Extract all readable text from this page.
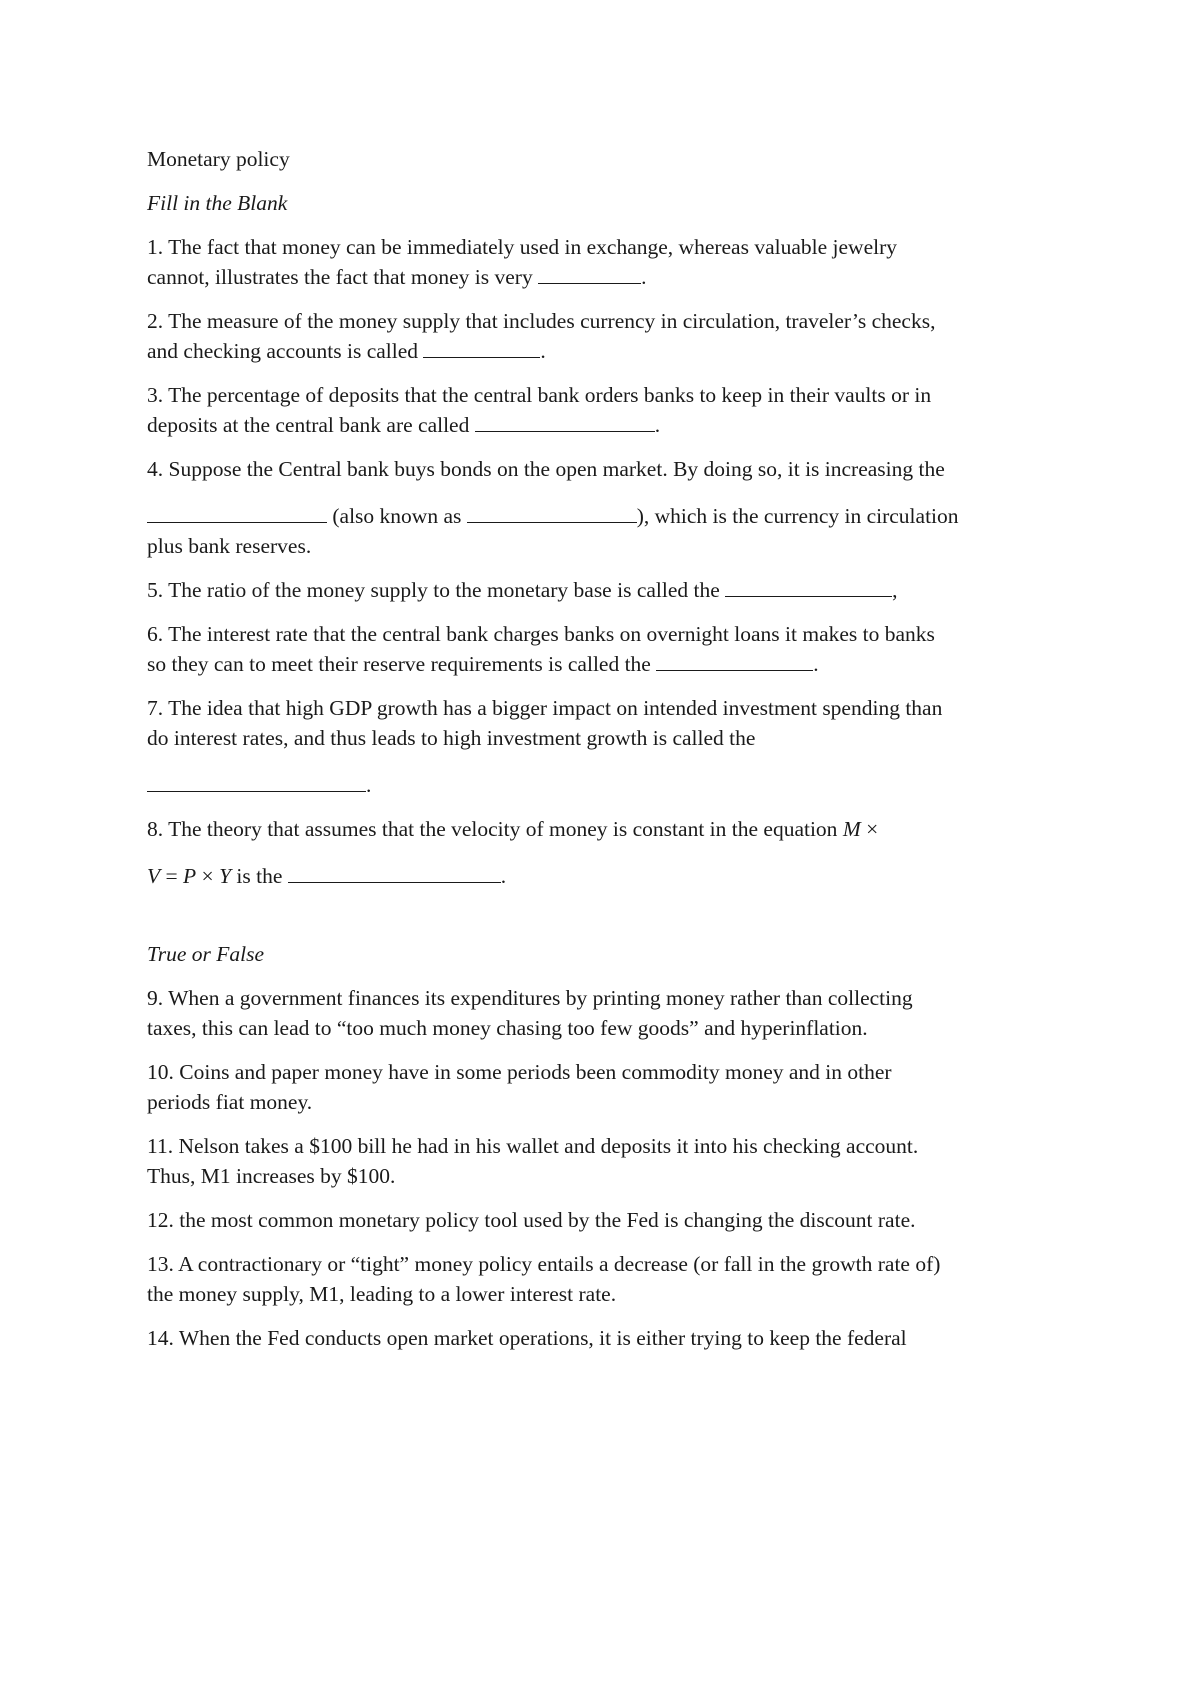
Monetary policy
Fill in the Blank
1. The fact that money can be immediately used in exchange, whereas valuable jewelry
cannot, illustrates the fact that money is very	.
2. The measure of the money supply that includes currency in circulation, traveler’s checks,
and checking accounts is called	.
3. The percentage of deposits that the central bank orders banks to keep in their vaults or in
deposits at the central bank are called	.
4. Suppose the Central bank buys bonds on the open market. By doing so, it is increasing the
(also known as	), which is the currency in circulation
plus bank reserves.
5. The ratio of the money supply to the monetary base is called the	,
6. The interest rate that the central bank charges banks on overnight loans it makes to banks
so they can to meet their reserve requirements is called the	.
7. The idea that high GDP growth has a bigger impact on intended investment spending than
do interest rates, and thus leads to high investment growth is called the
.
8. The theory that assumes that the velocity of money is constant in the equation M ×
V = P × Y is the	.
True or False
9. When a government finances its expenditures by printing money rather than collecting
taxes, this can lead to “too much money chasing too few goods” and hyperinflation.
10. Coins and paper money have in some periods been commodity money and in other
periods fiat money.
11. Nelson takes a $100 bill he had in his wallet and deposits it into his checking account.
Thus, M1 increases by $100.
12. the most common monetary policy tool used by the Fed is changing the discount rate.
13. A contractionary or “tight” money policy entails a decrease (or fall in the growth rate of)
the money supply, M1, leading to a lower interest rate.
14. When the Fed conducts open market operations, it is either trying to keep the federal
